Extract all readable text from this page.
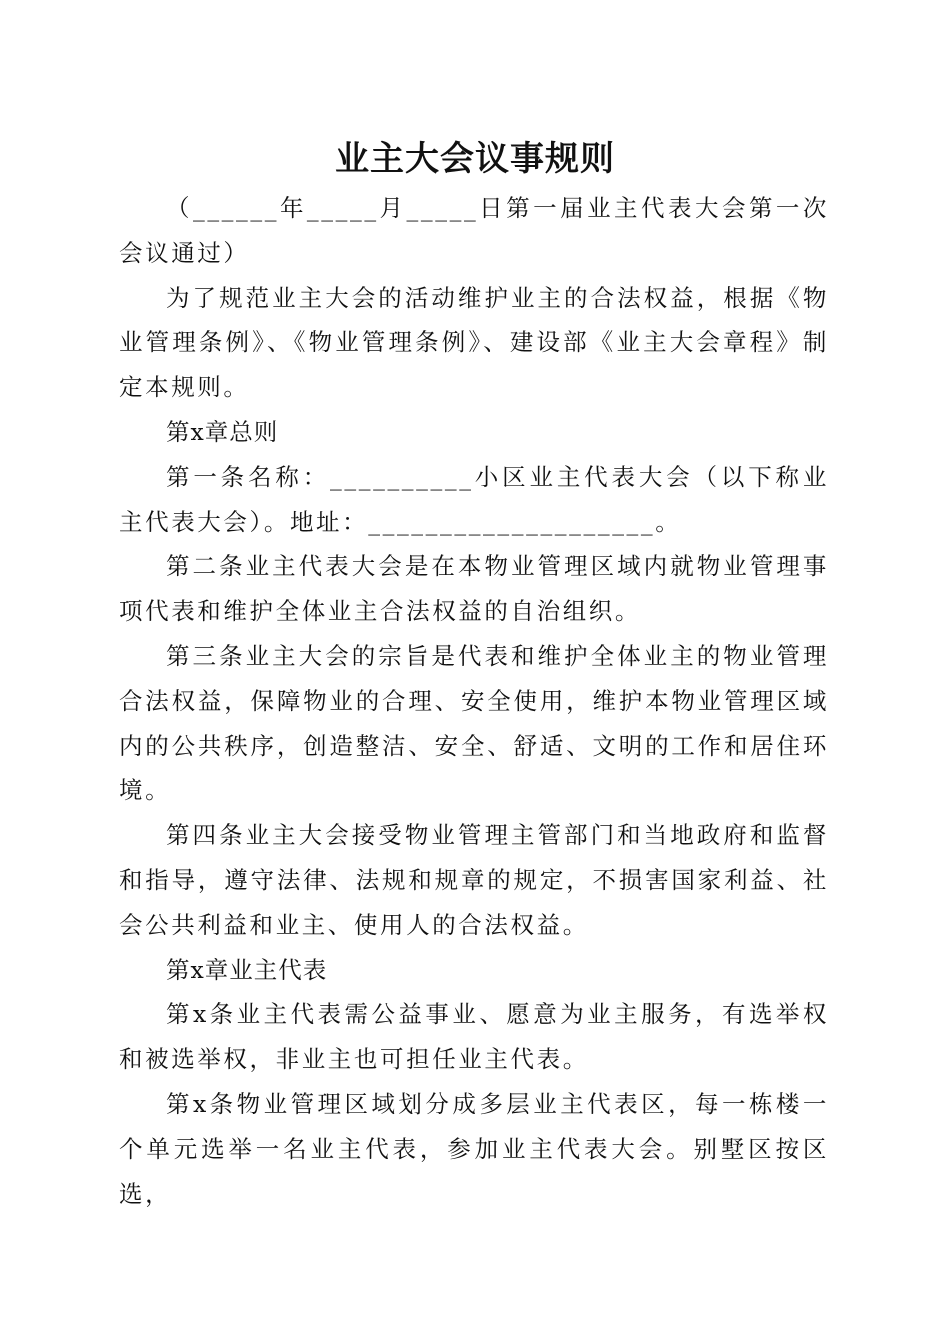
业主大会议事规则

（______年_____月_____日第一届业主代表大会第一次会议通过）

为了规范业主大会的活动维护业主的合法权益，根据《物业管理条例》、《物业管理条例》、建设部《业主大会章程》制定本规则。

第x章总则

第一条名称：__________小区业主代表大会（以下称业主代表大会）。地址：____________________。

第二条业主代表大会是在本物业管理区域内就物业管理事项代表和维护全体业主合法权益的自治组织。

第三条业主大会的宗旨是代表和维护全体业主的物业管理合法权益，保障物业的合理、安全使用，维护本物业管理区域内的公共秩序，创造整洁、安全、舒适、文明的工作和居住环境。

第四条业主大会接受物业管理主管部门和当地政府和监督和指导，遵守法律、法规和规章的规定，不损害国家利益、社会公共利益和业主、使用人的合法权益。

第x章业主代表

第x条业主代表需公益事业、愿意为业主服务，有选举权和被选举权，非业主也可担任业主代表。

第x条物业管理区域划分成多层业主代表区，每一栋楼一个单元选举一名业主代表，参加业主代表大会。别墅区按区选，
